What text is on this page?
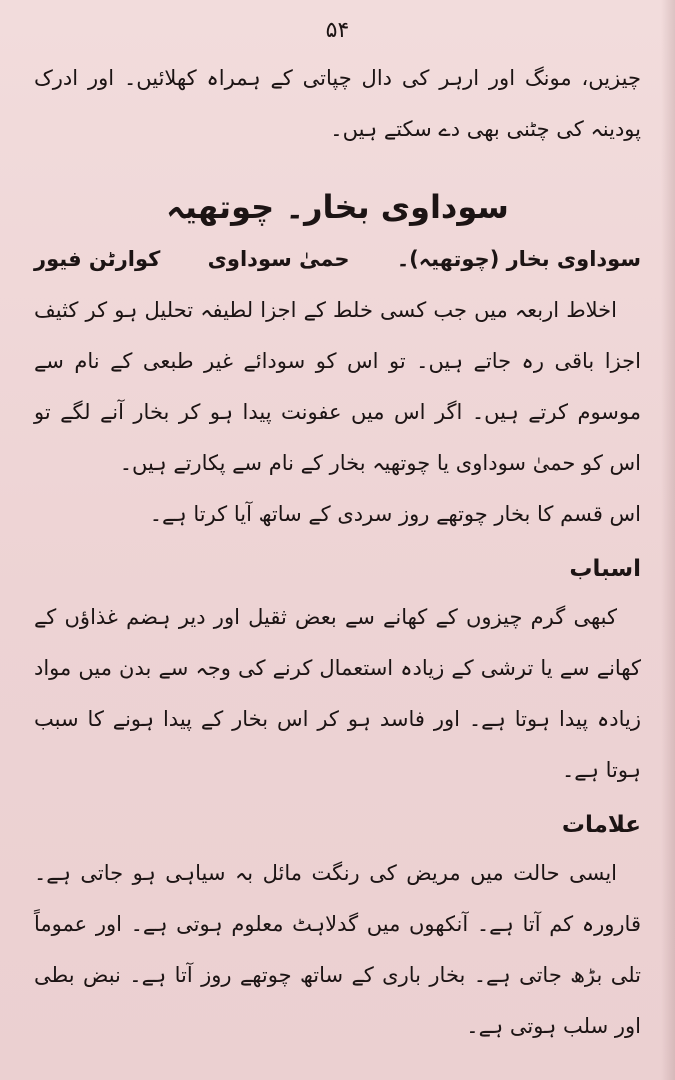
۵۴

چیزیں، مونگ اور ارہر کی دال چپاتی کے ہمراہ کھلائیں۔ اور ادرک پودینہ کی چٹنی بھی دے سکتے ہیں۔

سوداوی بخار۔ چوتھیہ
سوداوی بخار (چوتھیہ)۔
حمیٰ سوداوی
کوارٹن فیور

اخلاط اربعہ میں جب کسی خلط کے اجزا لطیفہ تحلیل ہو کر کثیف اجزا باقی رہ جاتے ہیں۔ تو اس کو سودائے غیر طبعی کے نام سے موسوم کرتے ہیں۔ اگر اس میں عفونت پیدا ہو کر بخار آنے لگے تو اس کو حمیٰ سوداوی یا چوتھیہ بخار کے نام سے پکارتے ہیں۔

اس قسم کا بخار چوتھے روز سردی کے ساتھ آیا کرتا ہے۔

اسباب

کبھی گرم چیزوں کے کھانے سے بعض ثقیل اور دیر ہضم غذاؤں کے کھانے سے یا ترشی کے زیادہ استعمال کرنے کی وجہ سے بدن میں مواد زیادہ پیدا ہوتا ہے۔ اور فاسد ہو کر اس بخار کے پیدا ہونے کا سبب ہوتا ہے۔

علامات

ایسی حالت میں مریض کی رنگت مائل بہ سیاہی ہو جاتی ہے۔ قارورہ کم آتا ہے۔ آنکھوں میں گدلاہٹ معلوم ہوتی ہے۔ اور عموماً تلی بڑھ جاتی ہے۔ بخار باری کے ساتھ چوتھے روز آتا ہے۔ نبض بطی اور سلب ہوتی ہے۔
